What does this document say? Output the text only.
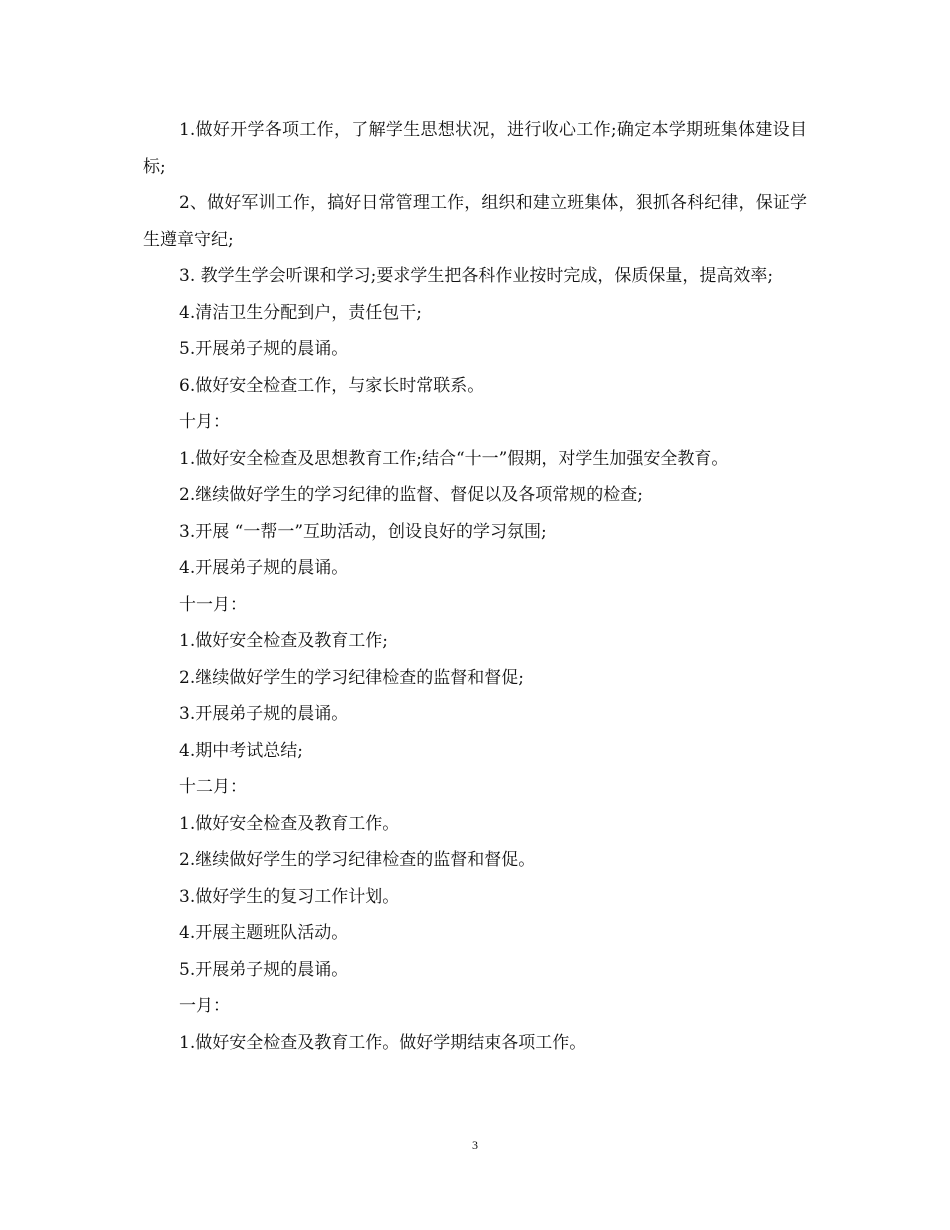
1.做好开学各项工作，了解学生思想状况，进行收心工作;确定本学期班集体建设目标;

2、做好军训工作，搞好日常管理工作，组织和建立班集体，狠抓各科纪律，保证学生遵章守纪;

3. 教学生学会听课和学习;要求学生把各科作业按时完成，保质保量，提高效率;

4.清洁卫生分配到户，责任包干;

5.开展弟子规的晨诵。

6.做好安全检查工作，与家长时常联系。

十月：

1.做好安全检查及思想教育工作;结合“十一”假期，对学生加强安全教育。

2.继续做好学生的学习纪律的监督、督促以及各项常规的检查;

3.开展 “一帮一”互助活动，创设良好的学习氛围;

4.开展弟子规的晨诵。

十一月：

1.做好安全检查及教育工作;

2.继续做好学生的学习纪律检查的监督和督促;

3.开展弟子规的晨诵。

4.期中考试总结;

十二月：

1.做好安全检查及教育工作。

2.继续做好学生的学习纪律检查的监督和督促。

3.做好学生的复习工作计划。

4.开展主题班队活动。

5.开展弟子规的晨诵。

一月：

1.做好安全检查及教育工作。做好学期结束各项工作。

3
